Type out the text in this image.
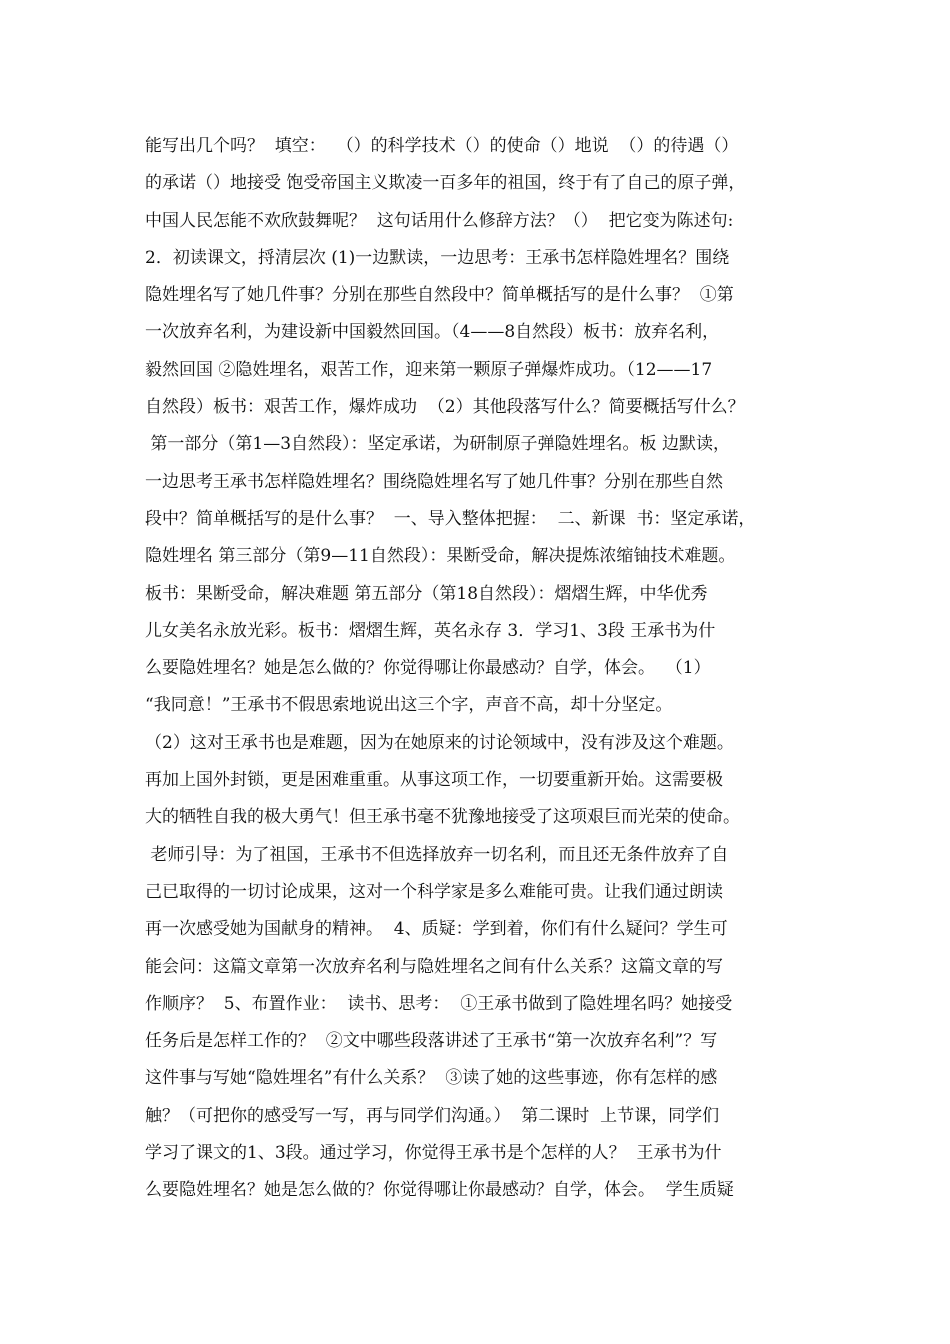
能写出几个吗？  填空：  （）的科学技术（）的使命（）地说  （）的待遇（）
的承诺（）地接受 饱受帝国主义欺凌一百多年的祖国，终于有了自己的原子弹，
中国人民怎能不欢欣鼓舞呢？  这句话用什么修辞方法？（）  把它变为陈述句:
2．初读课文，捋清层次 (1)一边默读，一边思考：王承书怎样隐姓埋名？围绕
隐姓埋名写了她几件事？分别在那些自然段中？简单概括写的是什么事？  ①第
一次放弃名利，为建设新中国毅然回国。（4——8自然段）板书：放弃名利，
毅然回国 ②隐姓埋名，艰苦工作，迎来第一颗原子弹爆炸成功。（12——17
自然段）板书：艰苦工作，爆炸成功  （2）其他段落写什么？简要概括写什么？
第一部分（第1—3自然段）：坚定承诺，为研制原子弹隐姓埋名。板 边默读，
一边思考王承书怎样隐姓埋名？围绕隐姓埋名写了她几件事？分别在那些自然
段中？简单概括写的是什么事？  一、导入整体把握：  二、新课  书：坚定承诺，
隐姓埋名 第三部分（第9—11自然段）：果断受命，解决提炼浓缩铀技术难题。
板书：果断受命，解决难题 第五部分（第18自然段）：熠熠生辉，中华优秀
儿女美名永放光彩。板书：熠熠生辉，英名永存 3．学习1、3段 王承书为什
么要隐姓埋名？她是怎么做的？你觉得哪让你最感动？自学，体会。  （1）
“我同意！”王承书不假思索地说出这三个字，声音不高，却十分坚定。
（2）这对王承书也是难题，因为在她原来的讨论领域中，没有涉及这个难题。
再加上国外封锁，更是困难重重。从事这项工作，一切要重新开始。这需要极
大的牺牲自我的极大勇气！但王承书毫不犹豫地接受了这项艰巨而光荣的使命。
老师引导：为了祖国，王承书不但选择放弃一切名利，而且还无条件放弃了自
己已取得的一切讨论成果，这对一个科学家是多么难能可贵。让我们通过朗读
再一次感受她为国献身的精神。  4、质疑：学到着，你们有什么疑问？学生可
能会问：这篇文章第一次放弃名利与隐姓埋名之间有什么关系？这篇文章的写
作顺序？  5、布置作业：  读书、思考：  ①王承书做到了隐姓埋名吗？她接受
任务后是怎样工作的？  ②文中哪些段落讲述了王承书“第一次放弃名利”？写
这件事与写她“隐姓埋名”有什么关系？  ③读了她的这些事迹，你有怎样的感
触？（可把你的感受写一写，再与同学们沟通。）  第二课时  上节课，同学们
学习了课文的1、3段。通过学习，你觉得王承书是个怎样的人？  王承书为什
么要隐姓埋名？她是怎么做的？你觉得哪让你最感动？自学，体会。  学生质疑
